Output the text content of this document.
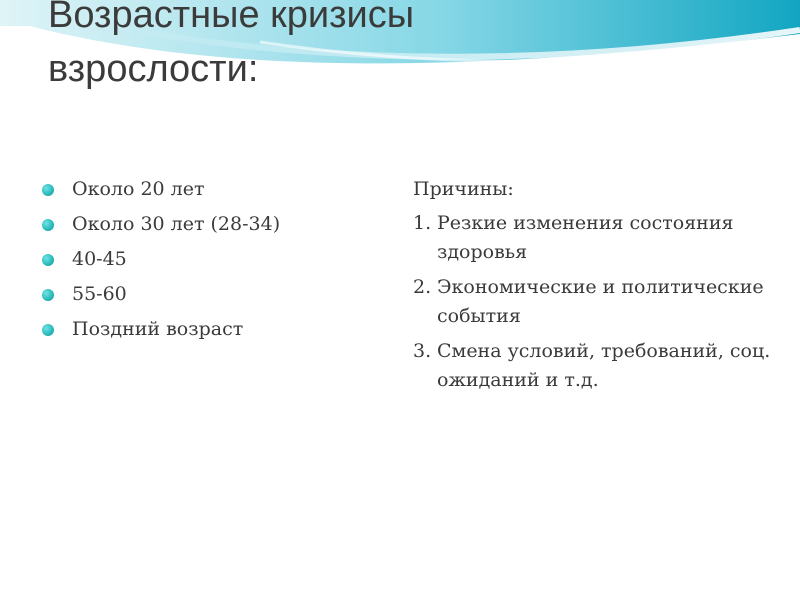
Возрастные кризисы
взрослости:
Около 20 лет
Около 30 лет (28-34)
40-45
55-60
Поздний возраст
Причины:
1. Резкие изменения состояния здоровья
2. Экономические и политические события
3. Смена условий, требований, соц. ожиданий и т.д.
